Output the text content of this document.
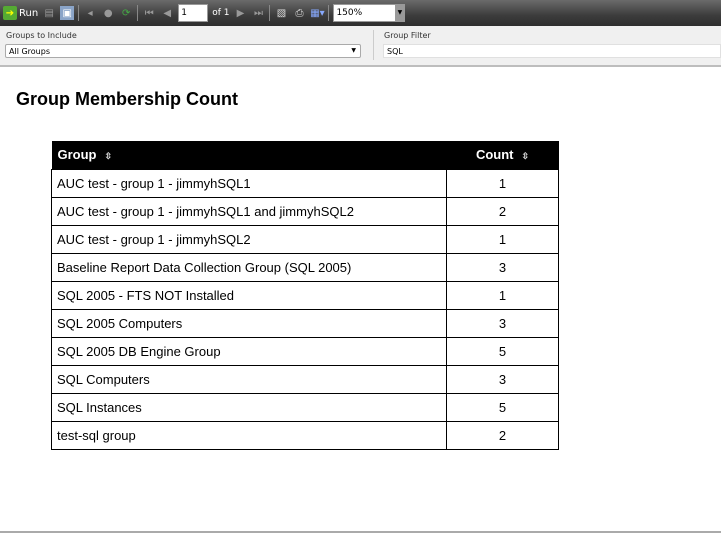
➔ Run ▤ ▣	◂	● ⟳ ⏮ ◀	1	of 1 ▶ ⏭ ▧ ⎙ ▦▾	150%	▼
Groups to Include
All Groups	▼
Group Filter
SQL
Group Membership Count
Group ⇳	Count ⇳
AUC test - group 1 - jimmyhSQL1	1
AUC test - group 1 - jimmyhSQL1 and jimmyhSQL2	2
AUC test - group 1 - jimmyhSQL2	1
Baseline Report Data Collection Group (SQL 2005)	3
SQL 2005 - FTS NOT Installed	1
SQL 2005 Computers	3
SQL 2005 DB Engine Group	5
SQL Computers	3
SQL Instances	5
test-sql group	2
